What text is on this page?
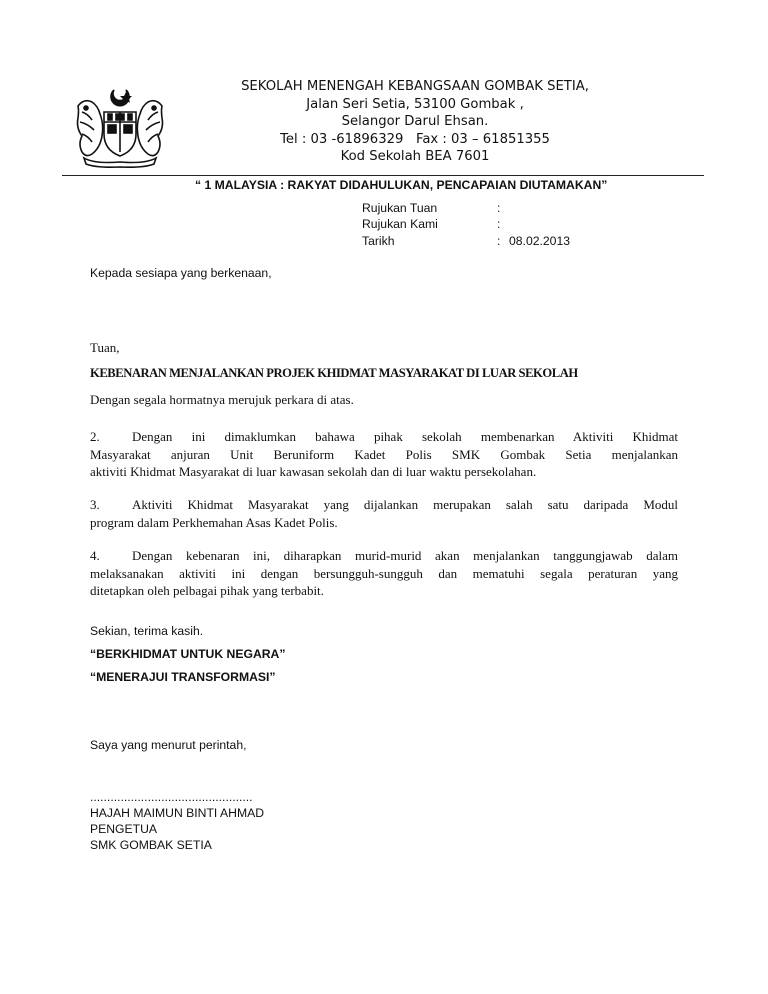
SEKOLAH MENENGAH KEBANGSAAN GOMBAK SETIA,
Jalan Seri Setia, 53100 Gombak ,
Selangor Darul Ehsan.
Tel : 03 -61896329   Fax : 03 – 61851355
Kod Sekolah BEA 7601
“ 1 MALAYSIA : RAKYAT DIDAHULUKAN, PENCAPAIAN DIUTAMAKAN”
Rujukan Tuan	:
Rujukan Kami	:
Tarikh	: 08.02.2013
Kepada sesiapa yang berkenaan,
Tuan,
KEBENARAN MENJALANKAN PROJEK KHIDMAT MASYARAKAT DI LUAR SEKOLAH
Dengan segala hormatnya merujuk perkara di atas.
2. Dengan ini dimaklumkan bahawa pihak sekolah membenarkan Aktiviti Khidmat
Masyarakat anjuran Unit Beruniform Kadet Polis SMK Gombak Setia menjalankan
aktiviti Khidmat Masyarakat di luar kawasan sekolah dan di luar waktu persekolahan.
3. Aktiviti Khidmat Masyarakat yang dijalankan merupakan salah satu daripada Modul
program dalam Perkhemahan Asas Kadet Polis.
4. Dengan kebenaran ini, diharapkan murid-murid akan menjalankan tanggungjawab dalam
melaksanakan aktiviti ini dengan bersungguh-sungguh dan mematuhi segala peraturan yang
ditetapkan oleh pelbagai pihak yang terbabit.
Sekian, terima kasih.
“BERKHIDMAT UNTUK NEGARA”
“MENERAJUI TRANSFORMASI”
Saya yang menurut perintah,
................................................
HAJAH MAIMUN BINTI AHMAD
PENGETUA
SMK GOMBAK SETIA
